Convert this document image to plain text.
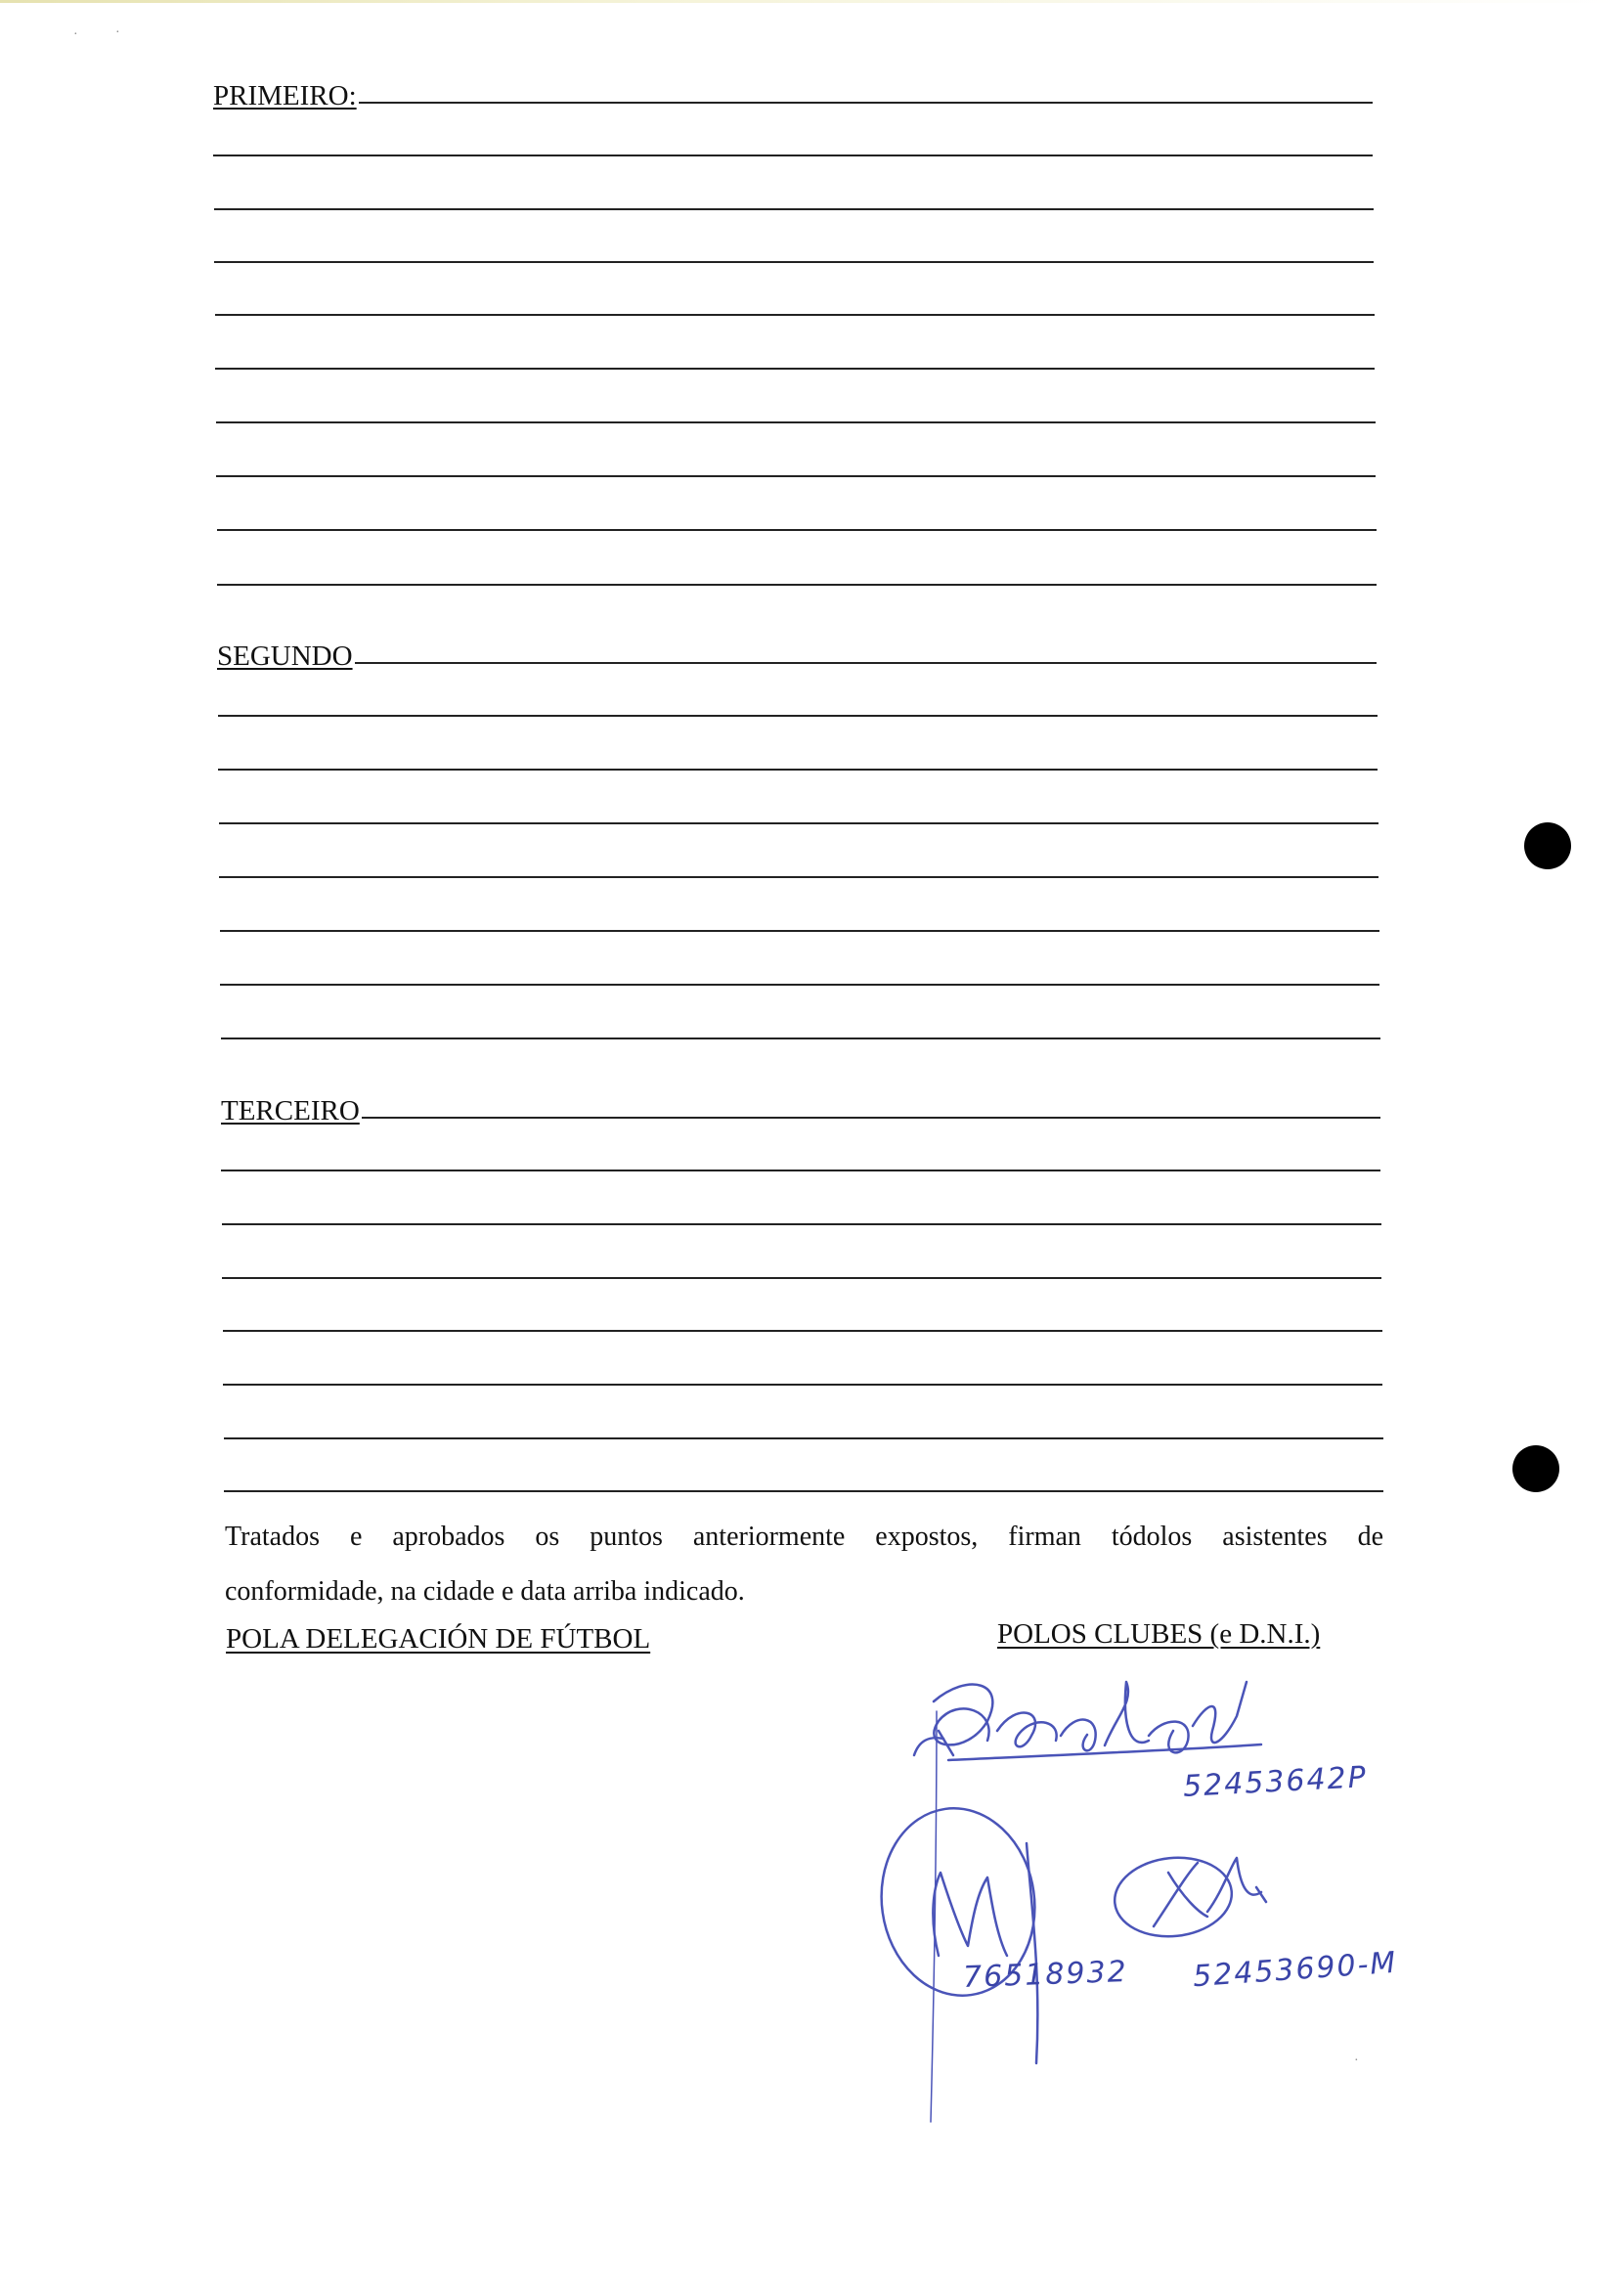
PRIMEIRO:
SEGUNDO
TERCEIRO
Tratados e aprobados os puntos anteriormente expostos, firman tódolos asistentes de
conformidade, na cidade e data arriba indicado.
POLA DELEGACIÓN DE FÚTBOL	POLOS CLUBES (e D.N.I.)
52453642P
76518932 52453690-M
·	·
·
